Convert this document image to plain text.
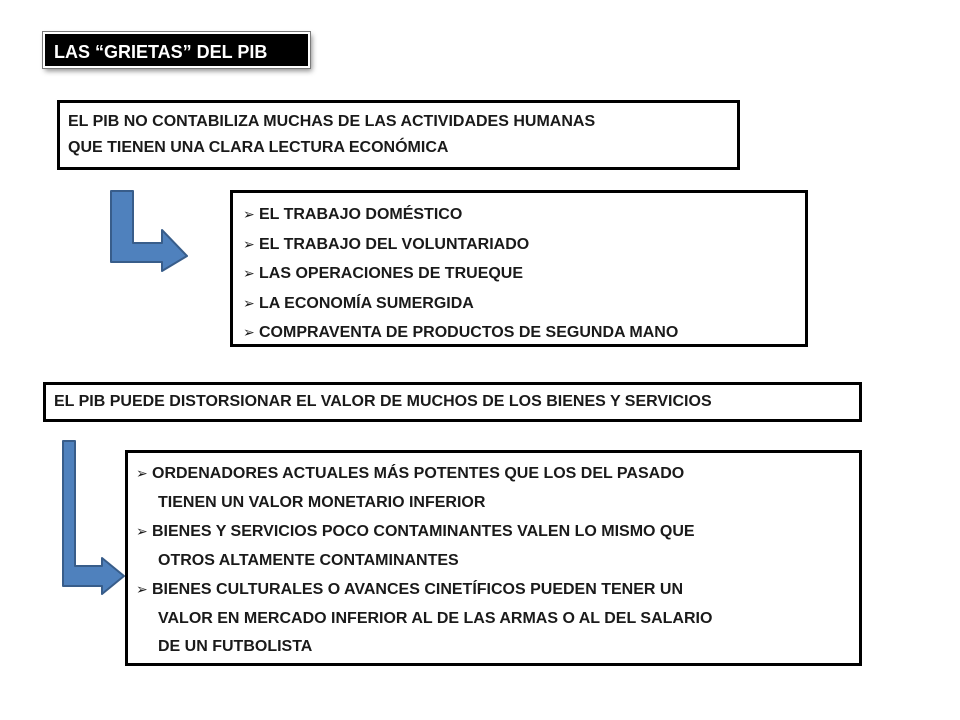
LAS “GRIETAS” DEL PIB
EL PIB NO CONTABILIZA MUCHAS DE LAS ACTIVIDADES HUMANAS
QUE TIENEN UNA CLARA LECTURA ECONÓMICA
➢ EL TRABAJO DOMÉSTICO
➢ EL TRABAJO DEL VOLUNTARIADO
➢ LAS OPERACIONES DE TRUEQUE
➢ LA ECONOMÍA SUMERGIDA
➢ COMPRAVENTA DE PRODUCTOS DE SEGUNDA MANO
EL PIB PUEDE DISTORSIONAR EL VALOR DE MUCHOS DE LOS BIENES Y SERVICIOS
➢ ORDENADORES ACTUALES MÁS POTENTES QUE LOS DEL PASADO
TIENEN UN VALOR MONETARIO INFERIOR
➢ BIENES Y SERVICIOS POCO CONTAMINANTES VALEN LO MISMO QUE
OTROS ALTAMENTE CONTAMINANTES
➢ BIENES CULTURALES O AVANCES CINETÍFICOS PUEDEN TENER UN
VALOR EN MERCADO INFERIOR AL DE LAS ARMAS O AL DEL SALARIO
DE UN FUTBOLISTA
